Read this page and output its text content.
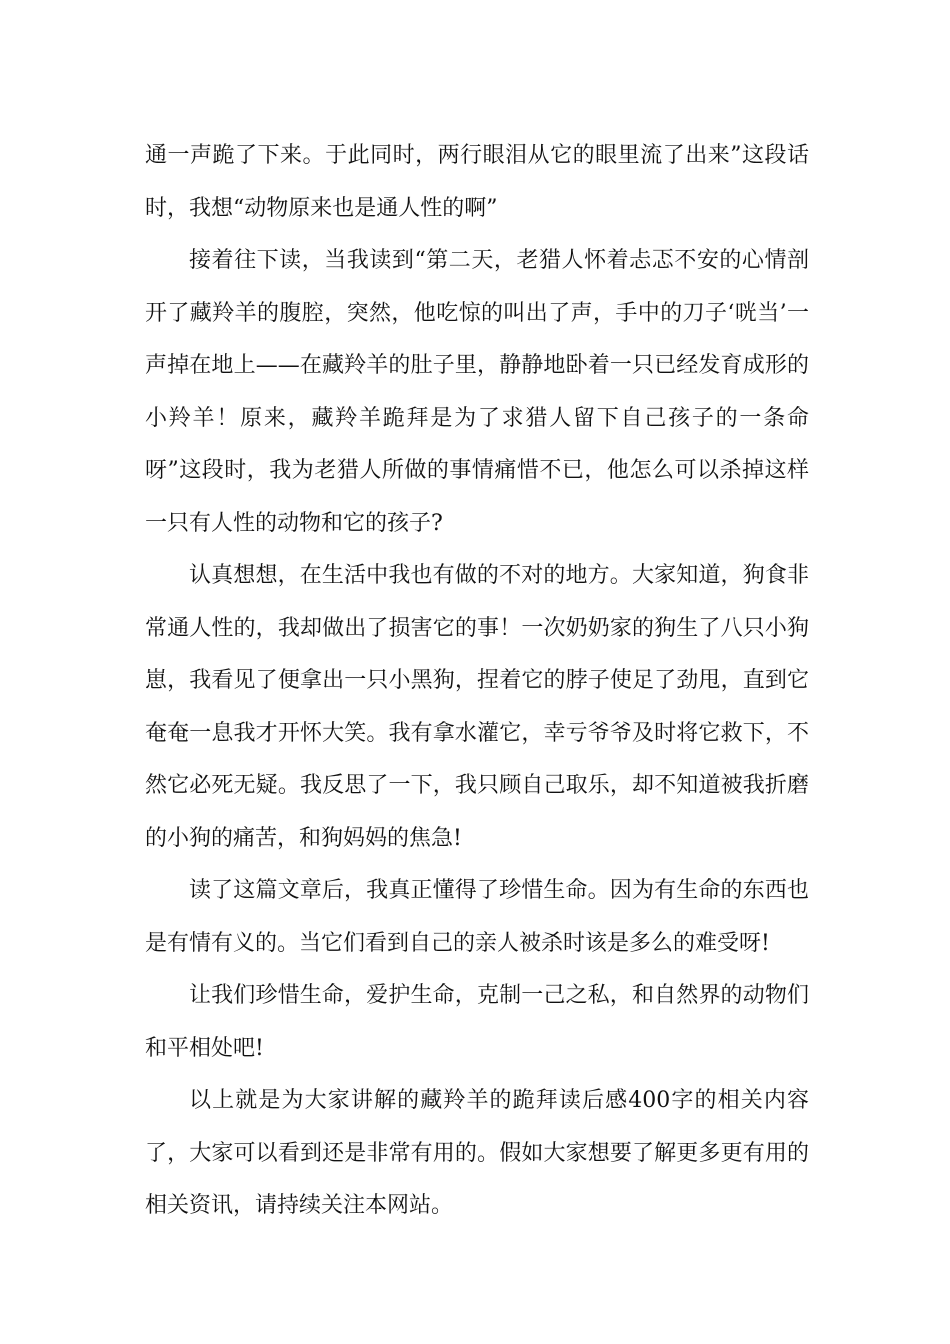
通一声跪了下来。于此同时，两行眼泪从它的眼里流了出来”这段话时，我想“动物原来也是通人性的啊”

接着往下读，当我读到“第二天，老猎人怀着忐忑不安的心情剖开了藏羚羊的腹腔，突然，他吃惊的叫出了声，手中的刀子‘咣当’一声掉在地上——在藏羚羊的肚子里，静静地卧着一只已经发育成形的小羚羊！原来，藏羚羊跪拜是为了求猎人留下自己孩子的一条命呀”这段时，我为老猎人所做的事情痛惜不已，他怎么可以杀掉这样一只有人性的动物和它的孩子?

认真想想，在生活中我也有做的不对的地方。大家知道，狗食非常通人性的，我却做出了损害它的事！一次奶奶家的狗生了八只小狗崽，我看见了便拿出一只小黑狗，捏着它的脖子使足了劲甩，直到它奄奄一息我才开怀大笑。我有拿水灌它，幸亏爷爷及时将它救下，不然它必死无疑。我反思了一下，我只顾自己取乐，却不知道被我折磨的小狗的痛苦，和狗妈妈的焦急!

读了这篇文章后，我真正懂得了珍惜生命。因为有生命的东西也是有情有义的。当它们看到自己的亲人被杀时该是多么的难受呀!

让我们珍惜生命，爱护生命，克制一己之私，和自然界的动物们和平相处吧!

以上就是为大家讲解的藏羚羊的跪拜读后感400字的相关内容了，大家可以看到还是非常有用的。假如大家想要了解更多更有用的相关资讯，请持续关注本网站。
